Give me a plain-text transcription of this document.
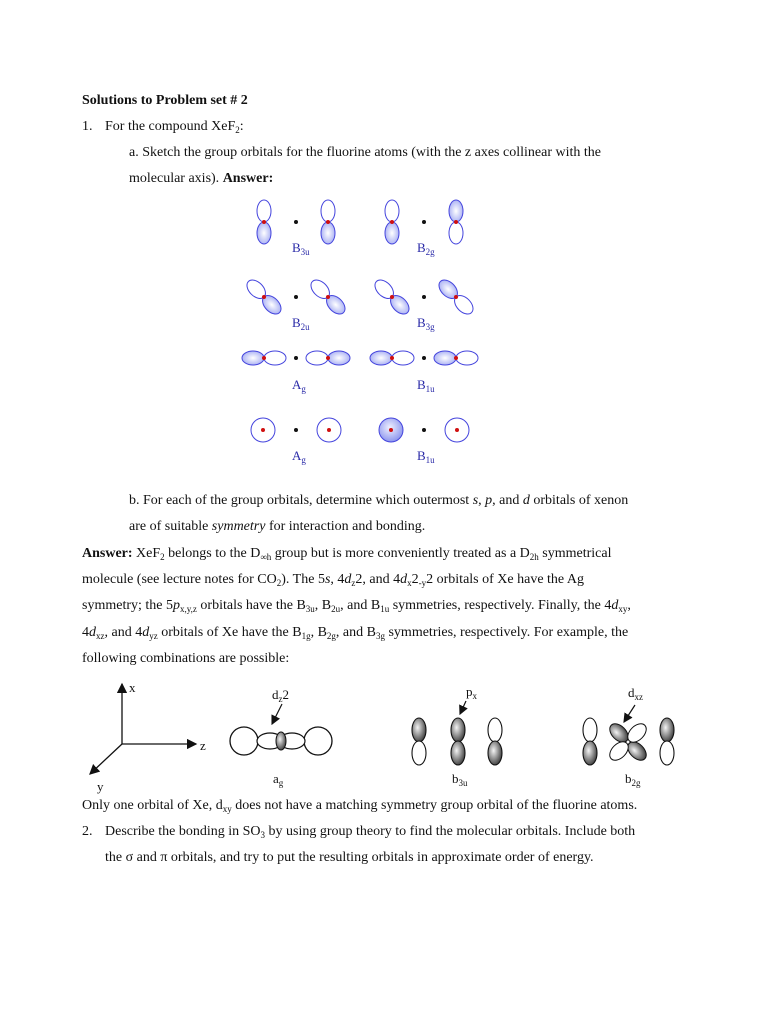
Solutions to Problem set # 2
1. For the compound XeF$_2$:
a. Sketch the group orbitals for the fluorine atoms (with the z axes collinear with the
molecular axis). Answer:
$B_{3u}$	$B_{2g}$
$B_{2u}$	$B_{3g}$
$A_g$	$B_{1u}$
$A_g$	$B_{1u}$
b. For each of the group orbitals, determine which outermost s, p, and d orbitals of xenon
are of suitable symmetry for interaction and bonding.
Answer: XeF$_2$ belongs to the $D_{\infty h}$ group but is more conveniently treated as a $D_{2h}$ symmetrical
molecule (see lecture notes for $CO_2$). The 5s, $4d_z2$, and $4d_x2_{-y}2$ orbitals of Xe have the Ag
symmetry; the $5p_{x,y,z}$ orbitals have the $B_{3u}$, $B_{2u}$, and $B_{1u}$ symmetries, respectively. Finally, the $4d_{xy}$,
$4d_{xz}$, and $4d_{yz}$ orbitals of Xe have the $B_{1g}$, $B_{2g}$, and $B_{3g}$ symmetries, respectively. For example, the
following combinations are possible:
x
z
y
$d_z2$
$a_g$
$p_x$
$b_{3u}$
$d_{xz}$
$b_{2g}$
Only one orbital of Xe, $d_{xy}$ does not have a matching symmetry group orbital of the fluorine atoms.
2. Describe the bonding in $SO_3$ by using group theory to find the molecular orbitals. Include both
the σ and π orbitals, and try to put the resulting orbitals in approximate order of energy.
